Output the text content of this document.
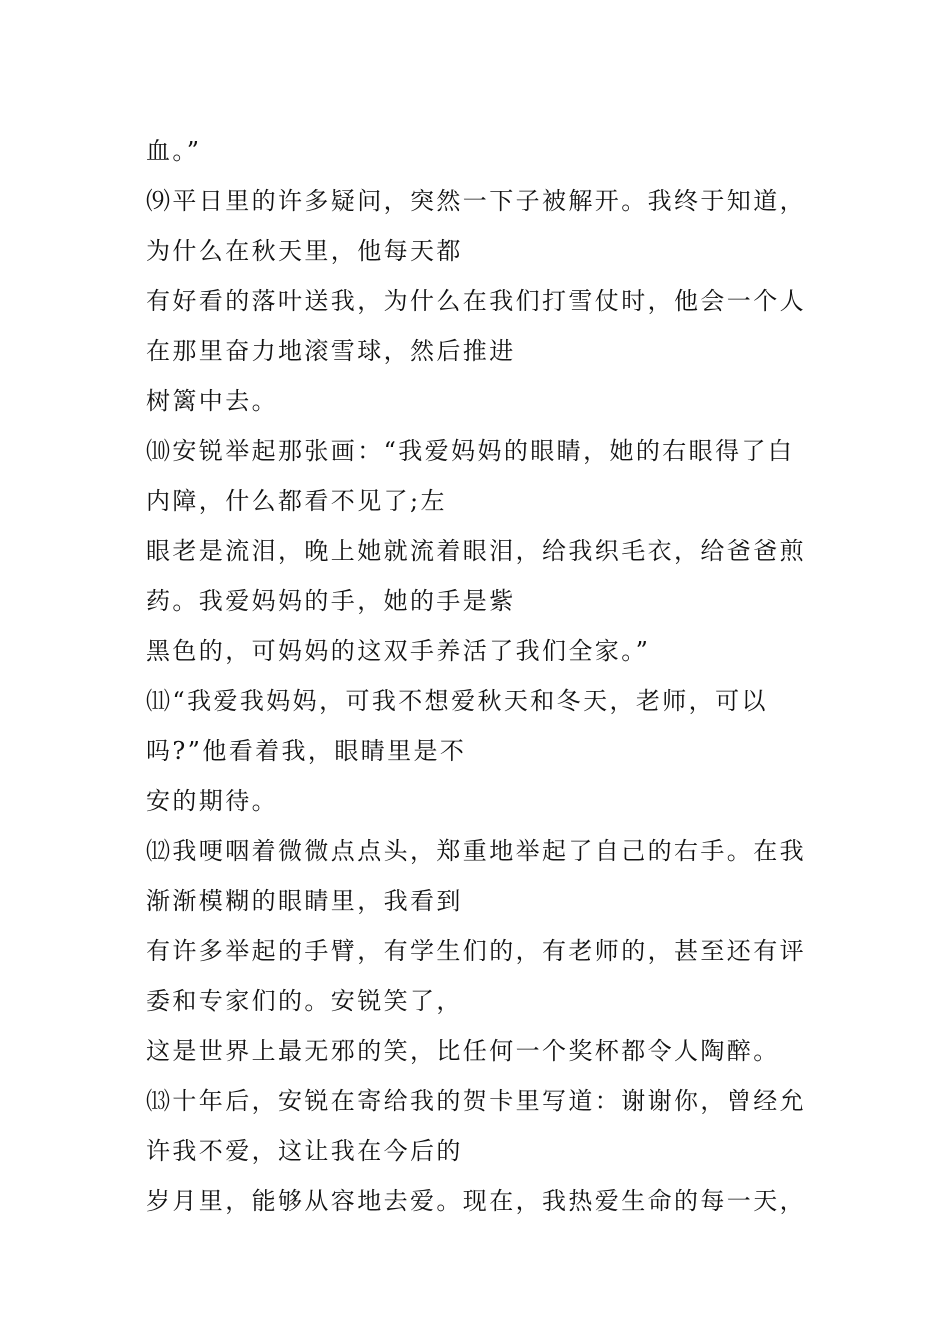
血。”
⑼平日里的许多疑问，突然一下子被解开。我终于知道，
为什么在秋天里，他每天都
有好看的落叶送我，为什么在我们打雪仗时，他会一个人
在那里奋力地滚雪球，然后推进
树篱中去。
⑽安锐举起那张画：“我爱妈妈的眼睛，她的右眼得了白
内障，什么都看不见了;左
眼老是流泪，晚上她就流着眼泪，给我织毛衣，给爸爸煎
药。我爱妈妈的手，她的手是紫
黑色的，可妈妈的这双手养活了我们全家。”
⑾“我爱我妈妈，可我不想爱秋天和冬天，老师，可以
吗?”他看着我，眼睛里是不
安的期待。
⑿我哽咽着微微点点头，郑重地举起了自己的右手。在我
渐渐模糊的眼睛里，我看到
有许多举起的手臂，有学生们的，有老师的，甚至还有评
委和专家们的。安锐笑了，
这是世界上最无邪的笑，比任何一个奖杯都令人陶醉。
⒀十年后，安锐在寄给我的贺卡里写道：谢谢你，曾经允
许我不爱，这让我在今后的
岁月里，能够从容地去爱。现在，我热爱生命的每一天，
